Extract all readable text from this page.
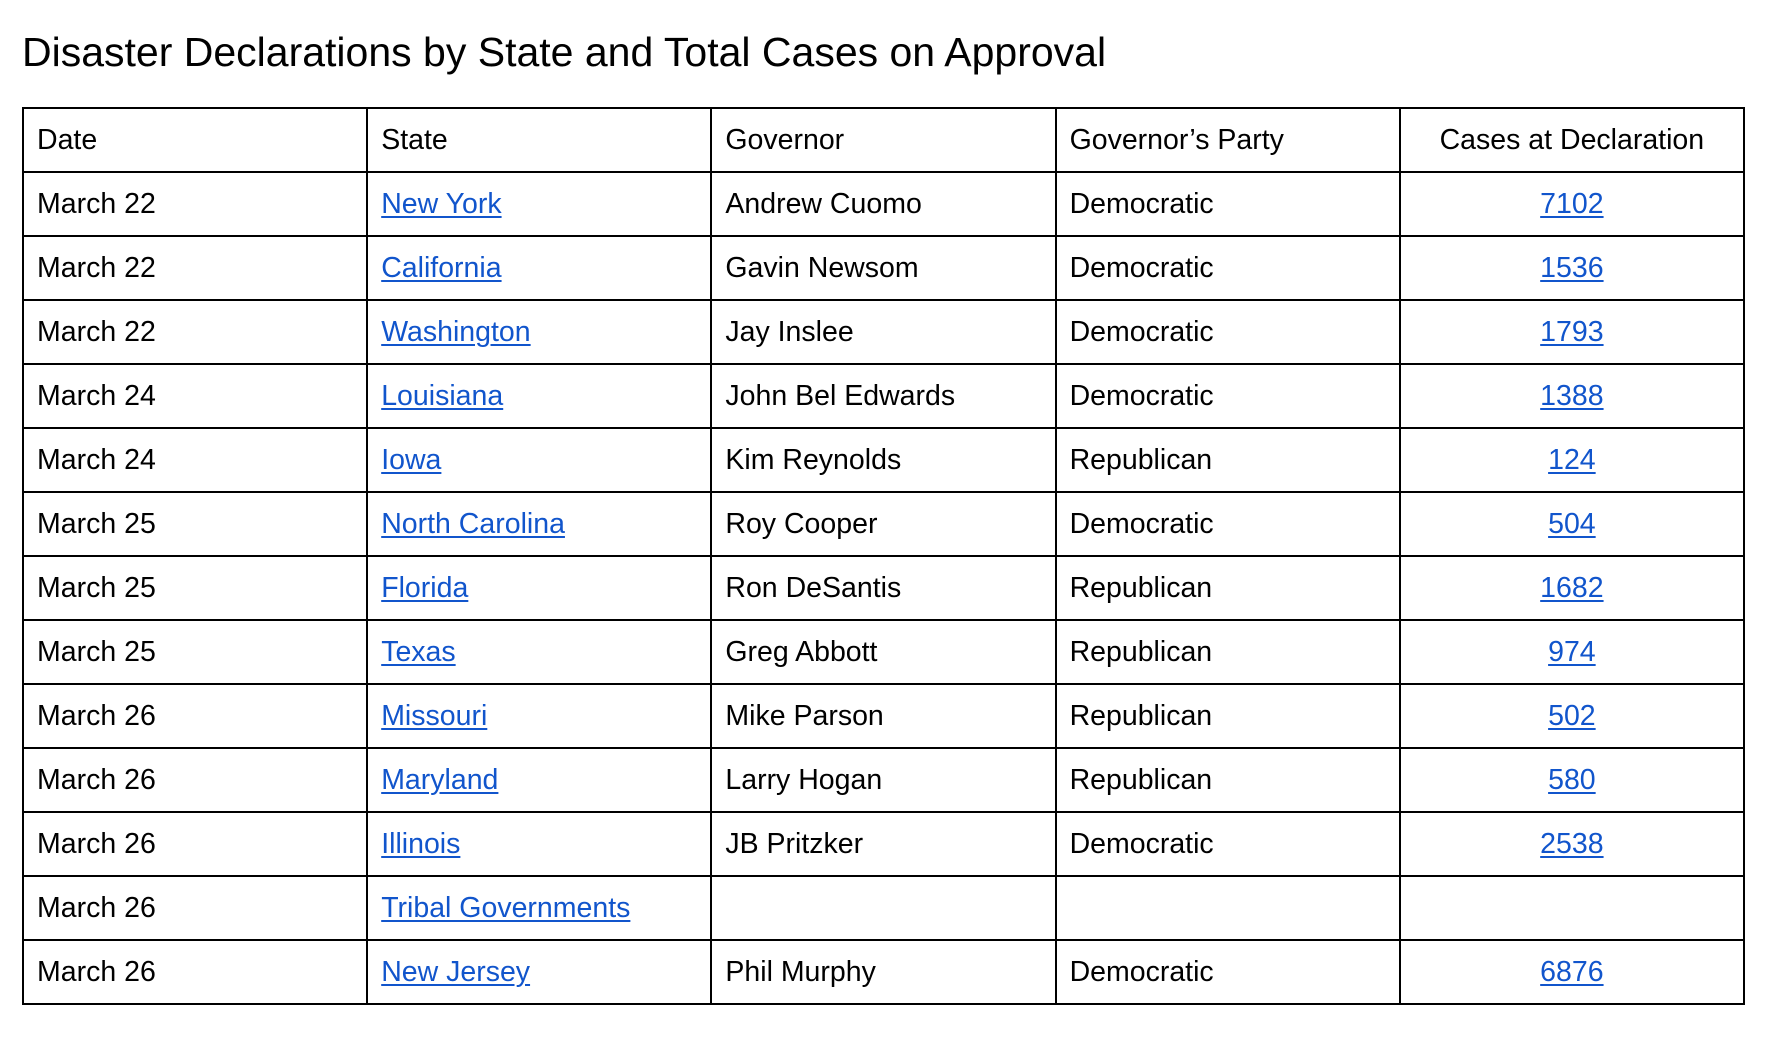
Disaster Declarations by State and Total Cases on Approval
Date	State	Governor	Governor’s Party	Cases at Declaration
March 22	New York	Andrew Cuomo	Democratic	7102
March 22	California	Gavin Newsom	Democratic	1536
March 22	Washington	Jay Inslee	Democratic	1793
March 24	Louisiana	John Bel Edwards	Democratic	1388
March 24	Iowa	Kim Reynolds	Republican	124
March 25	North Carolina	Roy Cooper	Democratic	504
March 25	Florida	Ron DeSantis	Republican	1682
March 25	Texas	Greg Abbott	Republican	974
March 26	Missouri	Mike Parson	Republican	502
March 26	Maryland	Larry Hogan	Republican	580
March 26	Illinois	JB Pritzker	Democratic	2538
March 26	Tribal Governments			
March 26	New Jersey	Phil Murphy	Democratic	6876
